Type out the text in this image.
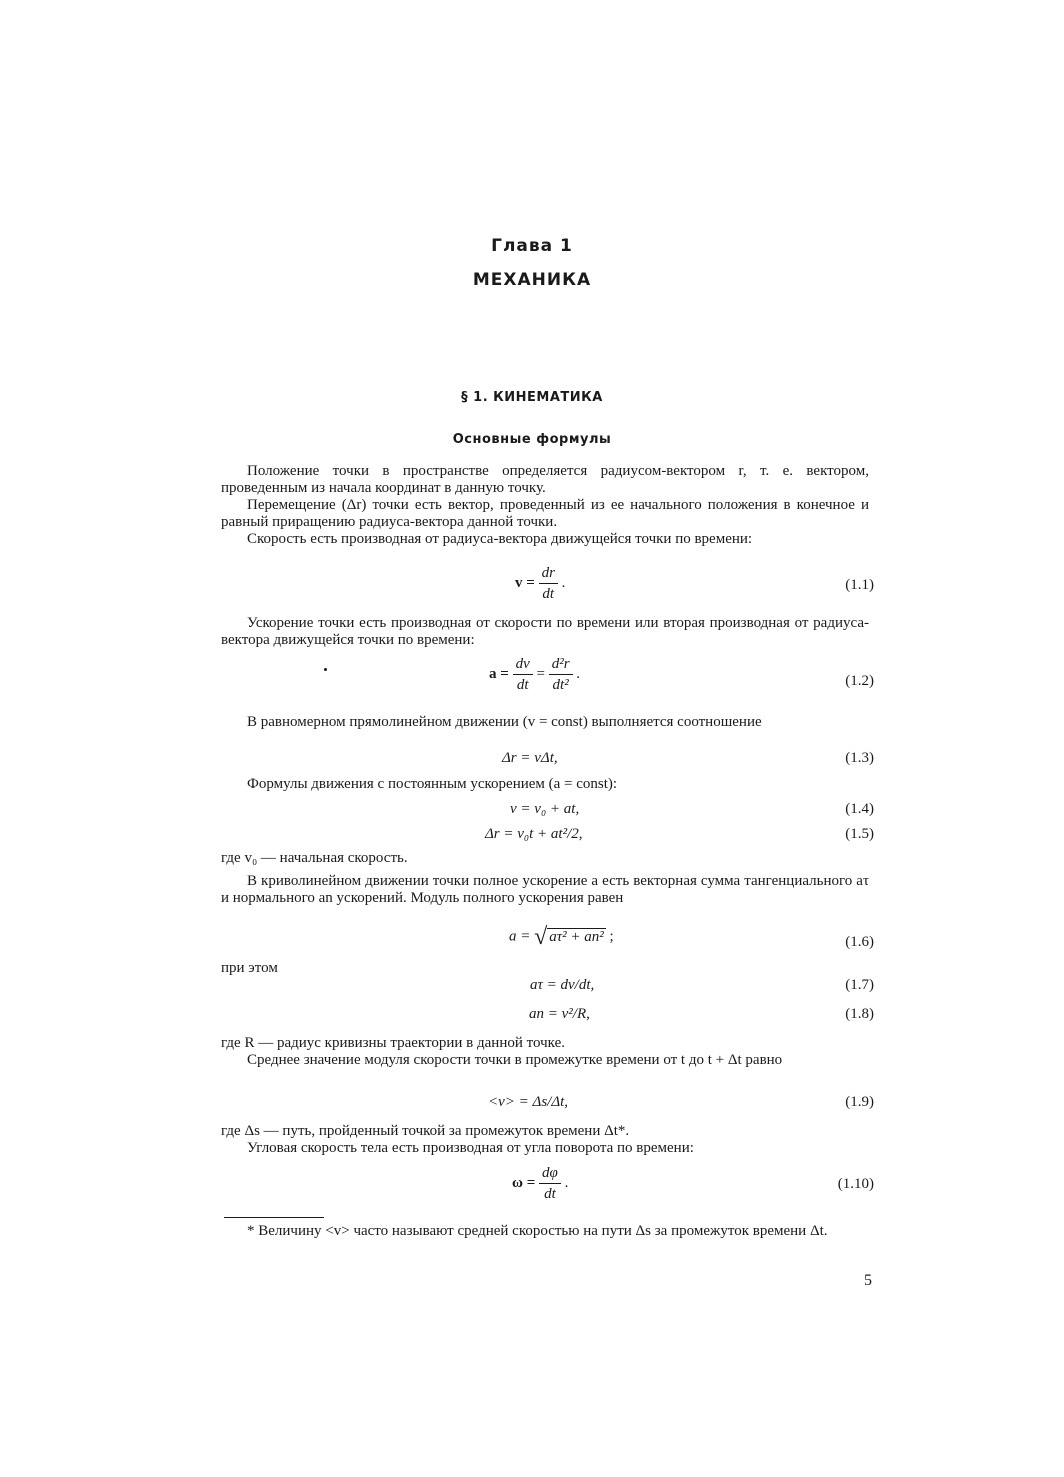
Глава 1
МЕХАНИКА
§ 1. КИНЕМАТИКА
Основные формулы
Положение точки в пространстве определяется радиусом-вектором r, т. е. вектором, проведенным из начала координат в данную точку.
Перемещение (Δr) точки есть вектор, проведенный из ее начального положения в конечное и равный приращению радиуса-вектора данной точки.
Скорость есть производная от радиуса-вектора движущейся точки по времени:
$v = \frac{dr}{dt}$ .	(1.1)
Ускорение точки есть производная от скорости по времени или вторая производная от радиуса-вектора движущейся точки по времени:
$a = \frac{dv}{dt} = \frac{\text{d²r}}{\text{dt²}}$ .	(1.2)
В равномерном прямолинейном движении (v = const) выполняется соотношение
Δr = vΔt,	(1.3)
Формулы движения с постоянным ускорением (a = const):
v = v₀ + at,	(1.4)
Δr = v₀t + at²/2,	(1.5)
где v₀ — начальная скорость.
В криволинейном движении точки полное ускорение a есть векторная сумма тангенциального aτ и нормального an ускорений. Модуль полного ускорения равен
a = √ aτ² + an² ;	(1.6)
при этом
aτ = dv/dt,	(1.7)
an = v²/R,	(1.8)
где R — радиус кривизны траектории в данной точке.
Среднее значение модуля скорости точки в промежутке времени от t до t + Δt равно
<v> = Δs/Δt,	(1.9)
где Δs — путь, пройденный точкой за промежуток времени Δt*.
Угловая скорость тела есть производная от угла поворота по времени:
$\omega = \frac{d\varphi}{dt}$ .	(1.10)
* Величину <v> часто называют средней скоростью на пути Δs за промежуток времени Δt.
5
